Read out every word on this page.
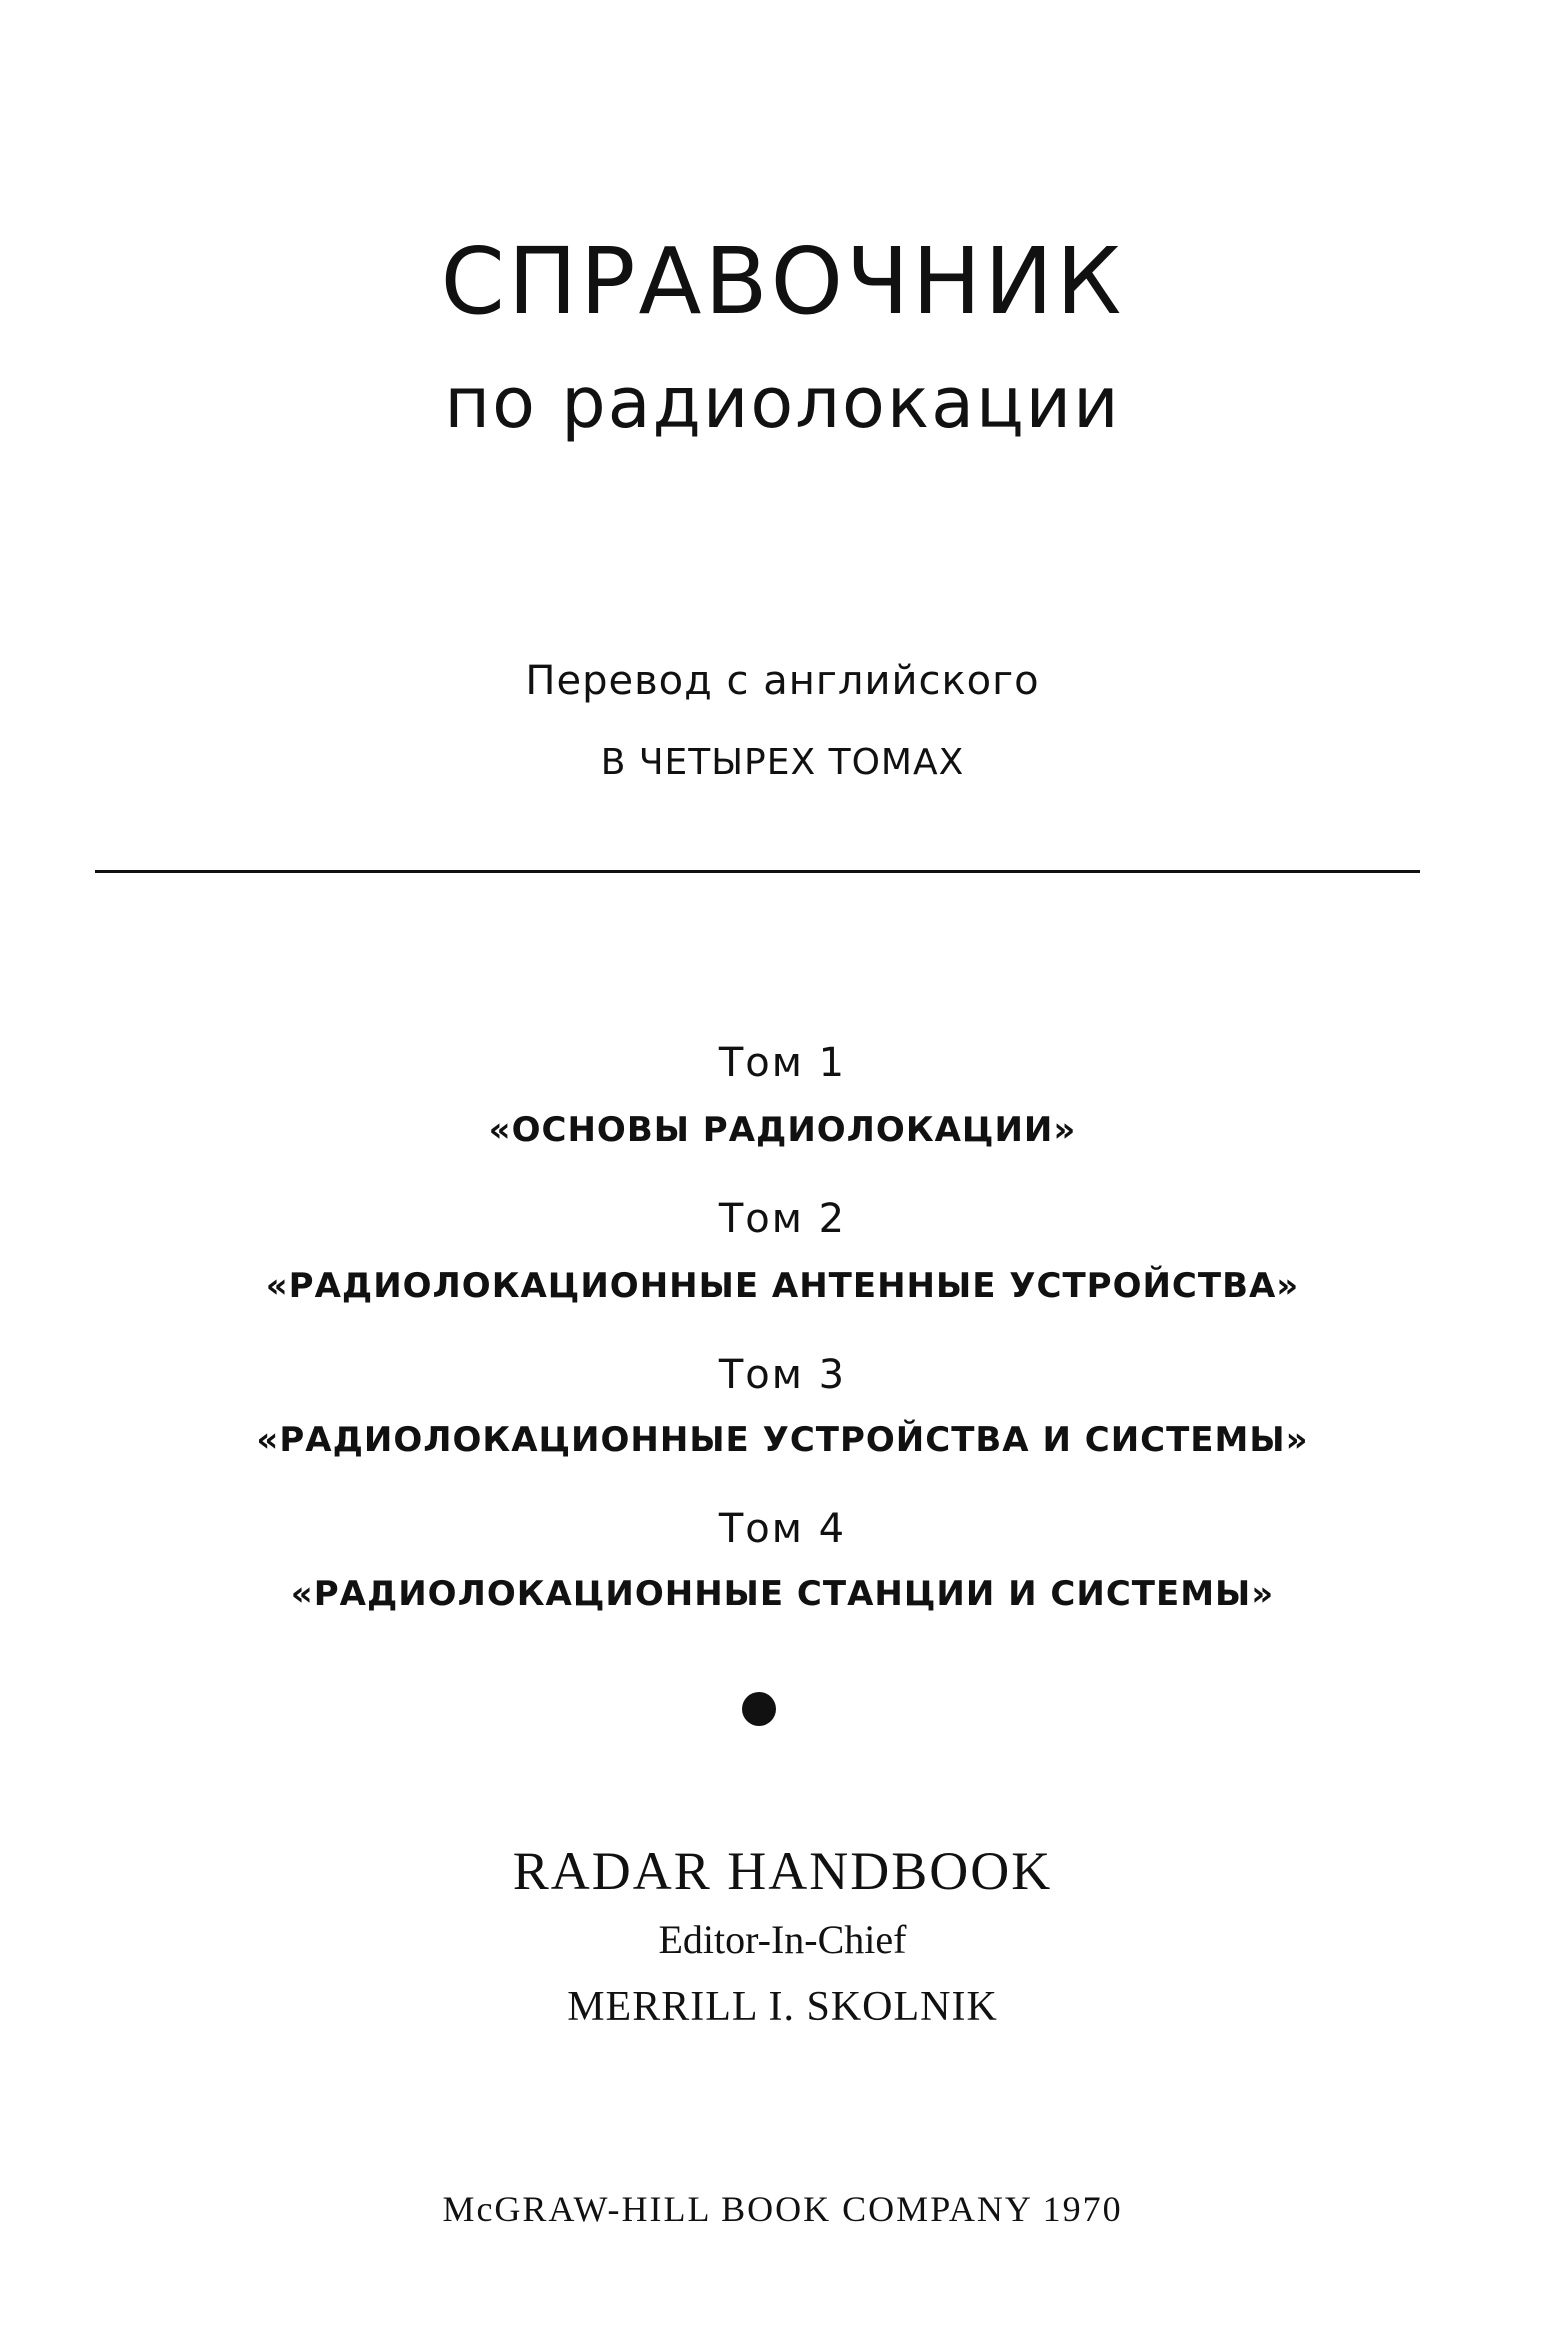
СПРАВОЧНИК
по радиолокации
Перевод с английского
В ЧЕТЫРЕХ ТОМАХ
Том 1
«ОСНОВЫ РАДИОЛОКАЦИИ»
Том 2
«РАДИОЛОКАЦИОННЫЕ АНТЕННЫЕ УСТРОЙСТВА»
Том 3
«РАДИОЛОКАЦИОННЫЕ УСТРОЙСТВА И СИСТЕМЫ»
Том 4
«РАДИОЛОКАЦИОННЫЕ СТАНЦИИ И СИСТЕМЫ»
RADAR HANDBOOK
Editor-In-Chief
MERRILL I. SKOLNIK
McGRAW-HILL BOOK COMPANY 1970
